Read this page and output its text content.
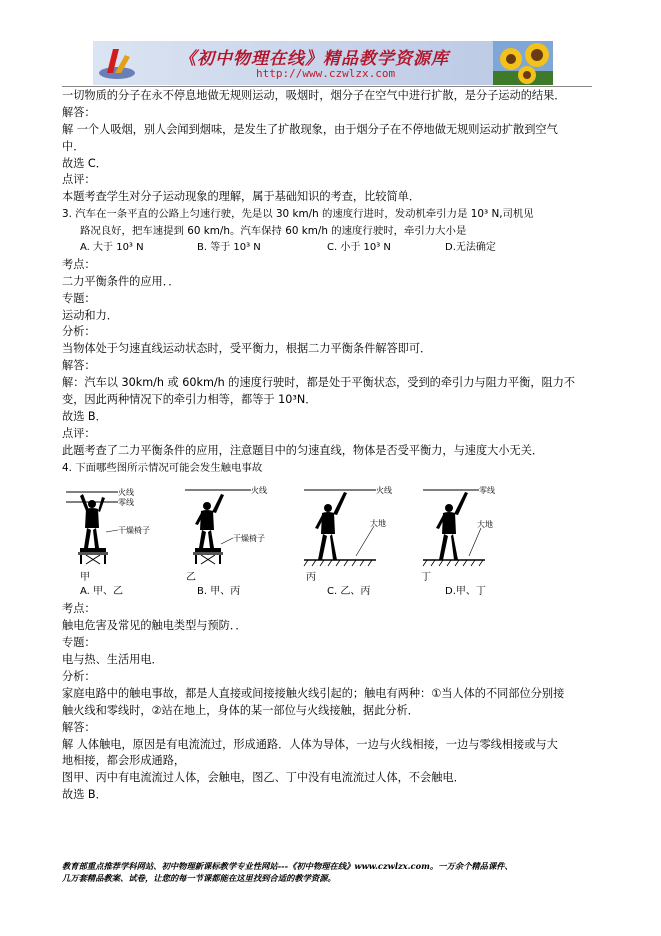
《初中物理在线》精品教学资源库
http://www.czwlzx.com
一切物质的分子在永不停息地做无规则运动，吸烟时，烟分子在空气中进行扩散，是分子运动的结果．
解答：
解 一个人吸烟，别人会闻到烟味，是发生了扩散现象，由于烟分子在不停地做无规则运动扩散到空气
中．
故选 C．
点评：
本题考查学生对分子运动现象的理解，属于基础知识的考查，比较简单．
3. 汽车在一条平直的公路上匀速行驶，先是以 30 km/h 的速度行进时，发动机牵引力是 10³ N,司机见
路况良好，把车速提到 60 km/h。汽车保持 60 km/h 的速度行驶时，牵引力大小是
A. 大于 10³ N	B. 等于 10³ N	C. 小于 10³ N	D.无法确定
考点：
二力平衡条件的应用．．
专题：
运动和力．
分析：
当物体处于匀速直线运动状态时，受平衡力，根据二力平衡条件解答即可．
解答：
解：汽车以 30km/h 或 60km/h 的速度行驶时，都是处于平衡状态，受到的牵引力与阻力平衡，阻力不
变，因此两种情况下的牵引力相等，都等于 10³N．
故选 B．
点评：
此题考查了二力平衡条件的应用，注意题目中的匀速直线，物体是否受平衡力，与速度大小无关．
4. 下面哪些图所示情况可能会发生触电事故
火线
零线
干燥椅子
火线
干燥椅子
火线
大地
零线
大地
甲	乙	丙	丁
A. 甲、乙	B. 甲、丙	C. 乙、丙	D.甲、丁
考点：
触电危害及常见的触电类型与预防．．
专题：
电与热、生活用电．
分析：
家庭电路中的触电事故，都是人直接或间接接触火线引起的；触电有两种：①当人体的不同部位分别接
触火线和零线时，②站在地上，身体的某一部位与火线接触，据此分析．
解答：
解 人体触电，原因是有电流流过，形成通路．人体为导体，一边与火线相接，一边与零线相接或与大
地相接，都会形成通路，
图甲、丙中有电流流过人体，会触电，图乙、丁中没有电流流过人体，不会触电．
故选 B．
教育部重点推荐学科网站、初中物理新课标教学专业性网站---《初中物理在线》www.czwlzx.com。一万余个精品课件、
几万套精品教案、试卷，让您的每一节课都能在这里找到合适的教学资源。
